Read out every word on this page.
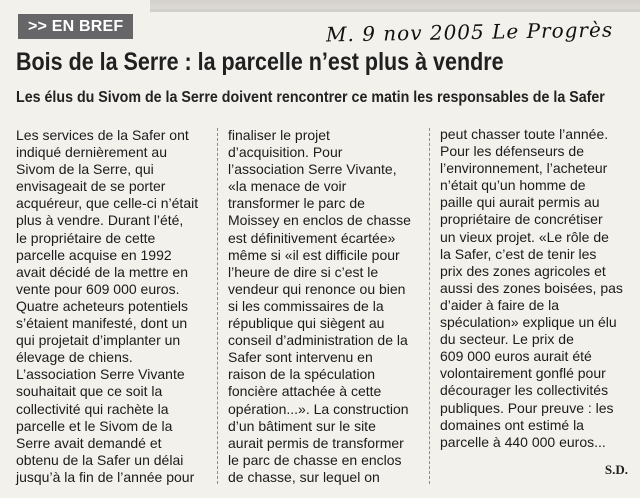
>> EN BREF	M. 9 nov 2005 Le Progrès
Bois de la Serre : la parcelle n’est plus à vendre
Les élus du Sivom de la Serre doivent rencontrer ce matin les responsables de la Safer
Les services de la Safer ont
indiqué dernièrement au
Sivom de la Serre, qui
envisageait de se porter
acquéreur, que celle-ci n’était
plus à vendre. Durant l’été,
le propriétaire de cette
parcelle acquise en 1992
avait décidé de la mettre en
vente pour 609 000 euros.
Quatre acheteurs potentiels
s’étaient manifesté, dont un
qui projetait d’implanter un
élevage de chiens.
L’association Serre Vivante
souhaitait que ce soit la
collectivité qui rachète la
parcelle et le Sivom de la
Serre avait demandé et
obtenu de la Safer un délai
jusqu’à la fin de l’année pour
finaliser le projet
d’acquisition. Pour
l’association Serre Vivante,
«la menace de voir
transformer le parc de
Moissey en enclos de chasse
est définitivement écartée»
même si «il est difficile pour
l’heure de dire si c’est le
vendeur qui renonce ou bien
si les commissaires de la
république qui siègent au
conseil d’administration de la
Safer sont intervenu en
raison de la spéculation
foncière attachée à cette
opération...». La construction
d’un bâtiment sur le site
aurait permis de transformer
le parc de chasse en enclos
de chasse, sur lequel on
peut chasser toute l’année.
Pour les défenseurs de
l’environnement, l’acheteur
n’était qu’un homme de
paille qui aurait permis au
propriétaire de concrétiser
un vieux projet. «Le rôle de
la Safer, c’est de tenir les
prix des zones agricoles et
aussi des zones boisées, pas
d’aider à faire de la
spéculation» explique un élu
du secteur. Le prix de
609 000 euros aurait été
volontairement gonflé pour
décourager les collectivités
publiques. Pour preuve : les
domaines ont estimé la
parcelle à 440 000 euros...
S.D.
